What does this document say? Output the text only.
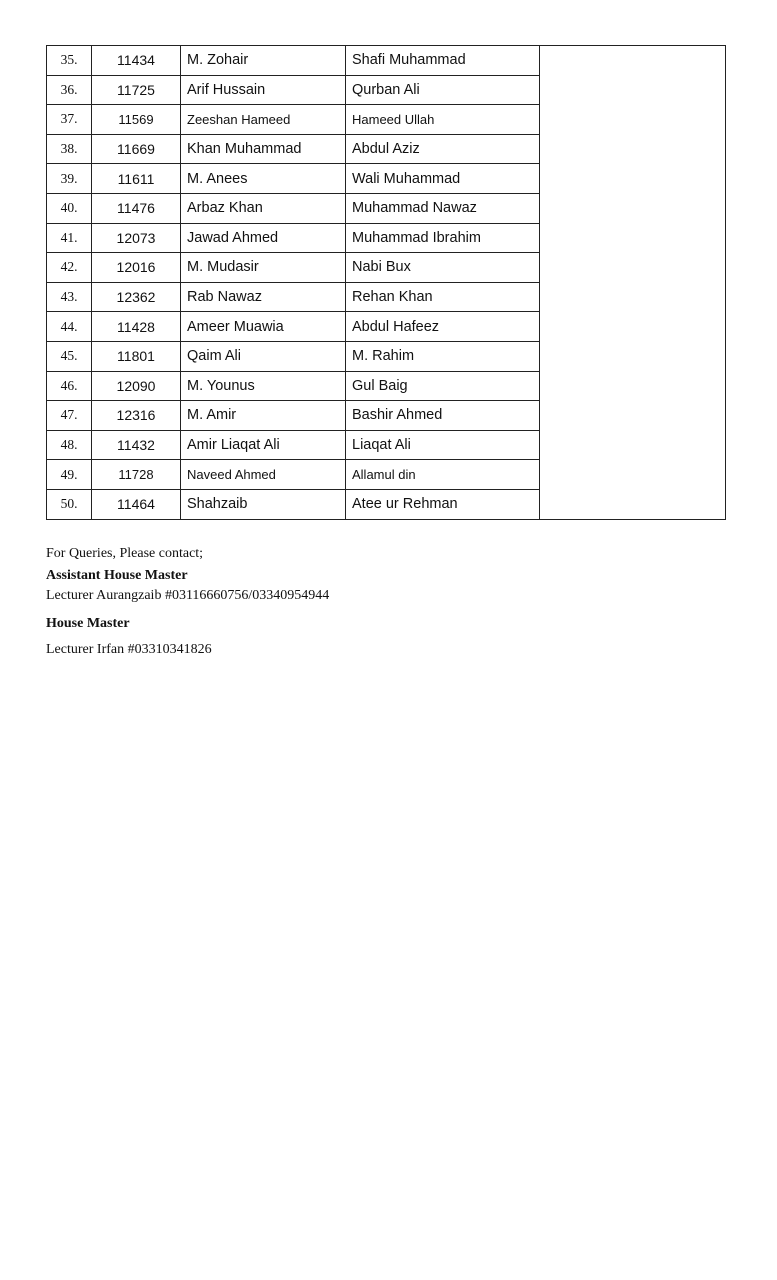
35.	11434	M. Zohair	Shafi Muhammad	
36.	11725	Arif Hussain	Qurban Ali	
37.	11569	Zeeshan Hameed	Hameed Ullah	
38.	11669	Khan Muhammad	Abdul Aziz	
39.	11611	M. Anees	Wali Muhammad	
40.	11476	Arbaz Khan	Muhammad Nawaz	
41.	12073	Jawad Ahmed	Muhammad Ibrahim	
42.	12016	M. Mudasir	Nabi Bux	
43.	12362	Rab Nawaz	Rehan Khan	
44.	11428	Ameer Muawia	Abdul Hafeez	
45.	11801	Qaim Ali	M. Rahim	
46.	12090	M. Younus	Gul Baig	
47.	12316	M. Amir	Bashir Ahmed	
48.	11432	Amir Liaqat Ali	Liaqat Ali	
49.	11728	Naveed Ahmed	Allamul din	
50.	11464	Shahzaib	Atee ur Rehman	
For Queries, Please contact;
Assistant House Master
Lecturer Aurangzaib #03116660756/03340954944
House Master
Lecturer Irfan #03310341826
